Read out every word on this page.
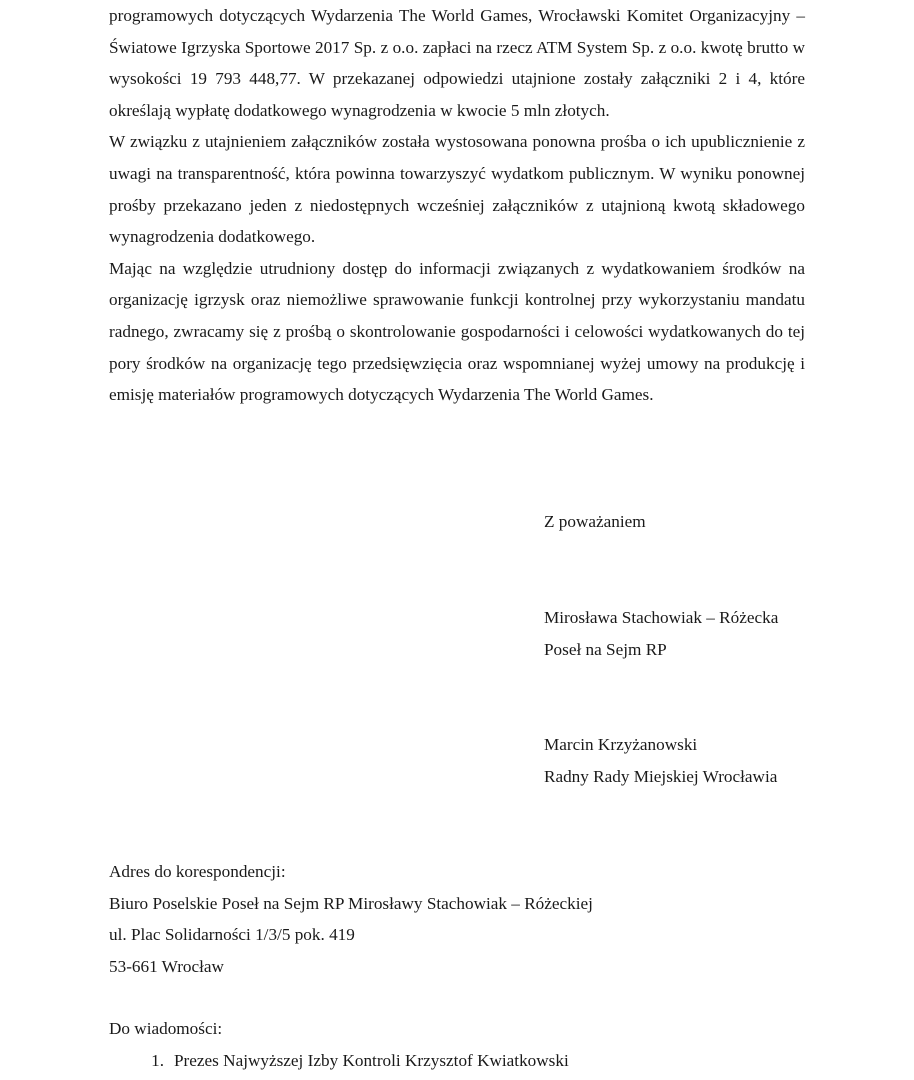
programowych dotyczących Wydarzenia The World Games, Wrocławski Komitet Organizacyjny – Światowe Igrzyska Sportowe 2017 Sp. z o.o. zapłaci na rzecz ATM System Sp. z o.o. kwotę brutto w wysokości 19 793 448,77. W przekazanej odpowiedzi utajnione zostały załączniki 2 i 4, które określają wypłatę dodatkowego wynagrodzenia w kwocie 5 mln złotych.

W związku z utajnieniem załączników została wystosowana ponowna prośba o ich upublicznienie z uwagi na transparentność, która powinna towarzyszyć wydatkom publicznym. W wyniku ponownej prośby przekazano jeden z niedostępnych wcześniej załączników z utajnioną kwotą składowego wynagrodzenia dodatkowego.

Mając na względzie utrudniony dostęp do informacji związanych z wydatkowaniem środków na organizację igrzysk oraz niemożliwe sprawowanie funkcji kontrolnej przy wykorzystaniu mandatu radnego, zwracamy się z prośbą o skontrolowanie gospodarności i celowości wydatkowanych do tej pory środków na organizację tego przedsięwzięcia oraz wspomnianej wyżej umowy na produkcję i emisję materiałów programowych dotyczących Wydarzenia The World Games.

Z poważaniem

Mirosława Stachowiak – Różecka

Poseł na Sejm RP

Marcin Krzyżanowski

Radny Rady Miejskiej Wrocławia

Adres do korespondencji:

Biuro Poselskie Poseł na Sejm RP Mirosławy Stachowiak – Różeckiej

ul. Plac Solidarności 1/3/5 pok. 419

53-661 Wrocław

Do wiadomości:

1. Prezes Najwyższej Izby Kontroli Krzysztof Kwiatkowski
